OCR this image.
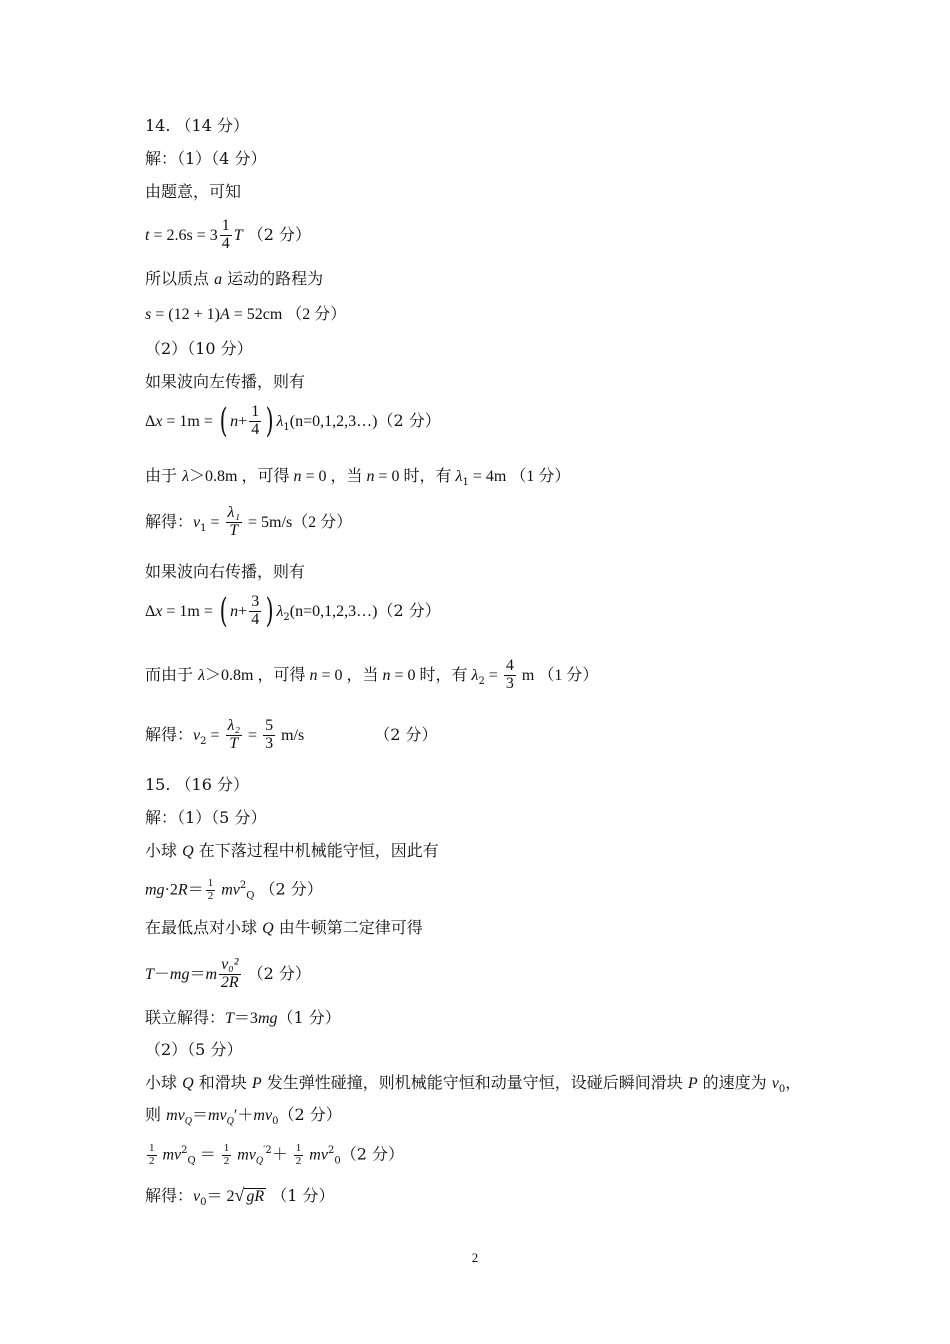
14. （14 分）
解：（1）（4 分）
由题意，可知
$t = 2.6s = 3 \frac{1}{4}$ T （2 分）
所以质点 a 运动的路程为
s = (12 + 1)A = 52cm （2 分）
（2）（10 分）
如果波向左传播，则有
Δx = 1m = ( $n+ \frac{1}{4}$ ) $\lambda_1(n=0,1,2,3\dots)(2$ 分）
由于 λ＞0.8m ，可得 n = 0 ，当 n = 0 时，有 $\lambda_1 = 4m$ （1 分）
解得：$v_1 = \frac{\text{λ₁}}{T} = 5m/s(2$ 分）
如果波向右传播，则有
Δx = 1m = ( $n+ \frac{3}{4}$ ) $\lambda_2(n=0,1,2,3\dots)(2$ 分）
而由于 λ＞0.8m ，可得 n = 0 ，当 n = 0 时，有 $\lambda_2 = \frac{4}{3}$ m （1 分）
解得：$v_2 = \frac{\text{λ₂}}{T} = \frac{5}{3} m/s$	（2 分）
15. （16 分）
解：（1）（5 分）
小球 Q 在下落过程中机械能守恒，因此有
$mg\cdot 2R= \frac{1}{2} mv^2_Q$ （2 分）
在最低点对小球 Q 由牛顿第二定律可得
$T-mg=m \frac{\text{v₀²}}{2R} (2$ 分）
联立解得：T＝3mg（1 分）
（2）（5 分）
小球 Q 和滑块 P 发生弹性碰撞，则机械能守恒和动量守恒，设碰后瞬间滑块 P 的速度为 $v_0$，
则 $mv_Q=mv_Q'+mv_0(2$ 分）
$\frac{1}{2} mv^2_Q = \frac{1}{2} mv_Q^{'2}+ \frac{1}{2} mv^2_0(2$ 分）
解得：$v_0= 2√$ gR （1 分）
2
